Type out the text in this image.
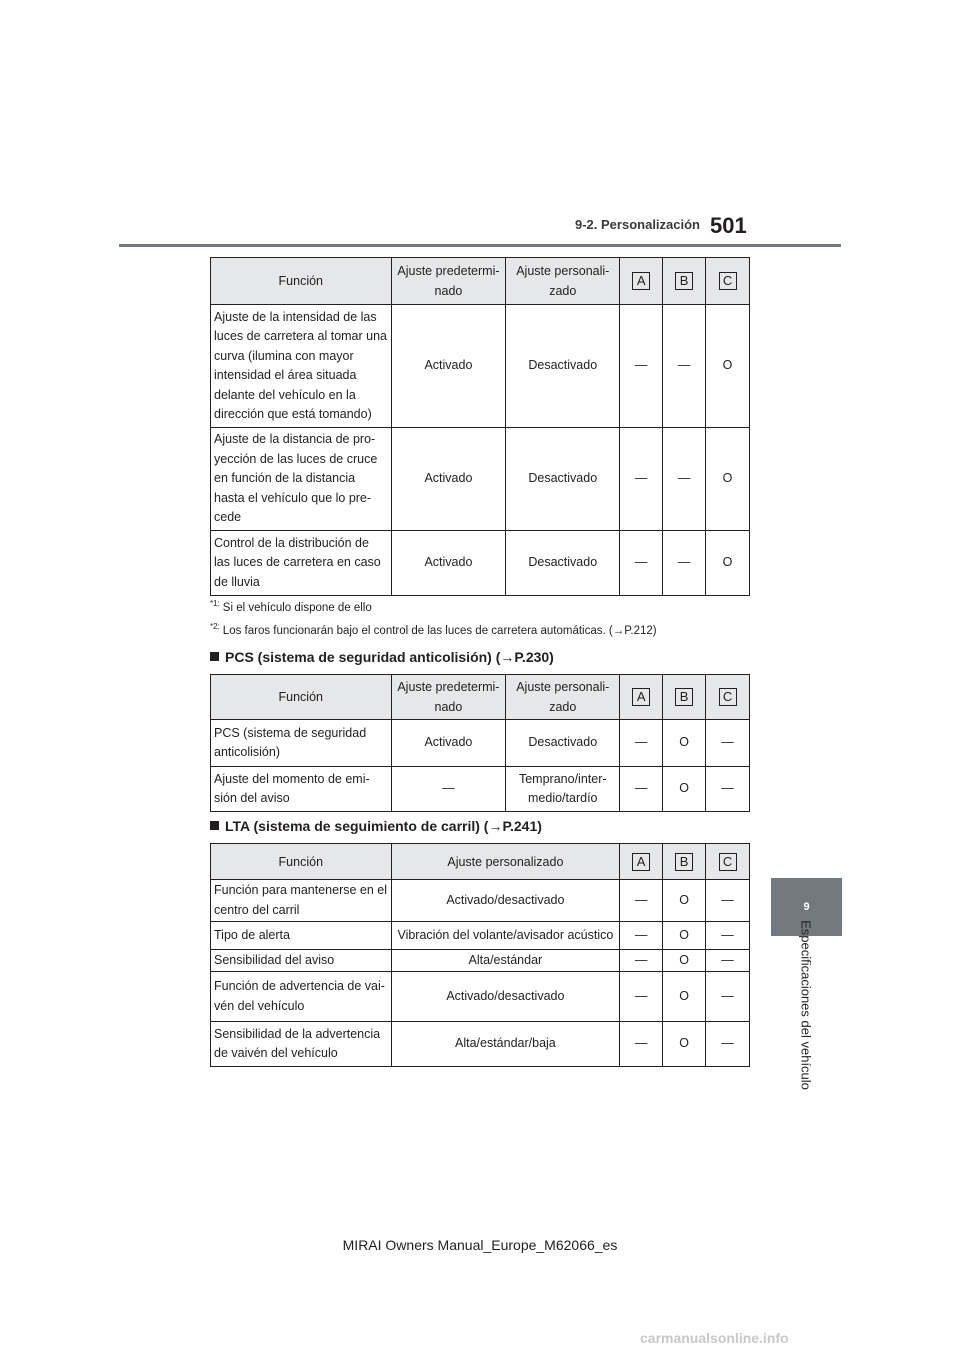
9-2. Personalización 501
9
Especificaciones del vehículo
Función	Ajuste predetermi-nado	Ajuste personali-zado	A	B	C
Ajuste de la intensidad de las luces de carretera al tomar una curva (ilumina con mayor intensidad el área situada delante del vehículo en la dirección que está tomando)	Activado	Desactivado	—	—	O
Ajuste de la distancia de pro-yección de las luces de cruce en función de la distancia hasta el vehículo que lo pre-cede	Activado	Desactivado	—	—	O
Control de la distribución de las luces de carretera en caso de lluvia	Activado	Desactivado	—	—	O
$^{*1:}$ Si el vehículo dispone de ello
$^{*2:}$ Los faros funcionarán bajo el control de las luces de carretera automáticas. (→P.212)
PCS (sistema de seguridad anticolisión) (→P.230)
Función	Ajuste predetermi-nado	Ajuste personali-zado	A	B	C
PCS (sistema de seguridad anticolisión)	Activado	Desactivado	—	O	—
Ajuste del momento de emi-sión del aviso	—	Temprano/inter-medio/tardío	—	O	—
LTA (sistema de seguimiento de carril) (→P.241)
Función	Ajuste personalizado	A	B	C
Función para mantenerse en el centro del carril	Activado/desactivado	—	O	—
Tipo de alerta	Vibración del volante/avisador acústico	—	O	—
Sensibilidad del aviso	Alta/estándar	—	O	—
Función de advertencia de vai-vén del vehículo	Activado/desactivado	—	O	—
Sensibilidad de la advertencia de vaivén del vehículo	Alta/estándar/baja	—	O	—
MIRAI Owners Manual_Europe_M62066_es
carmanualsonline.info
